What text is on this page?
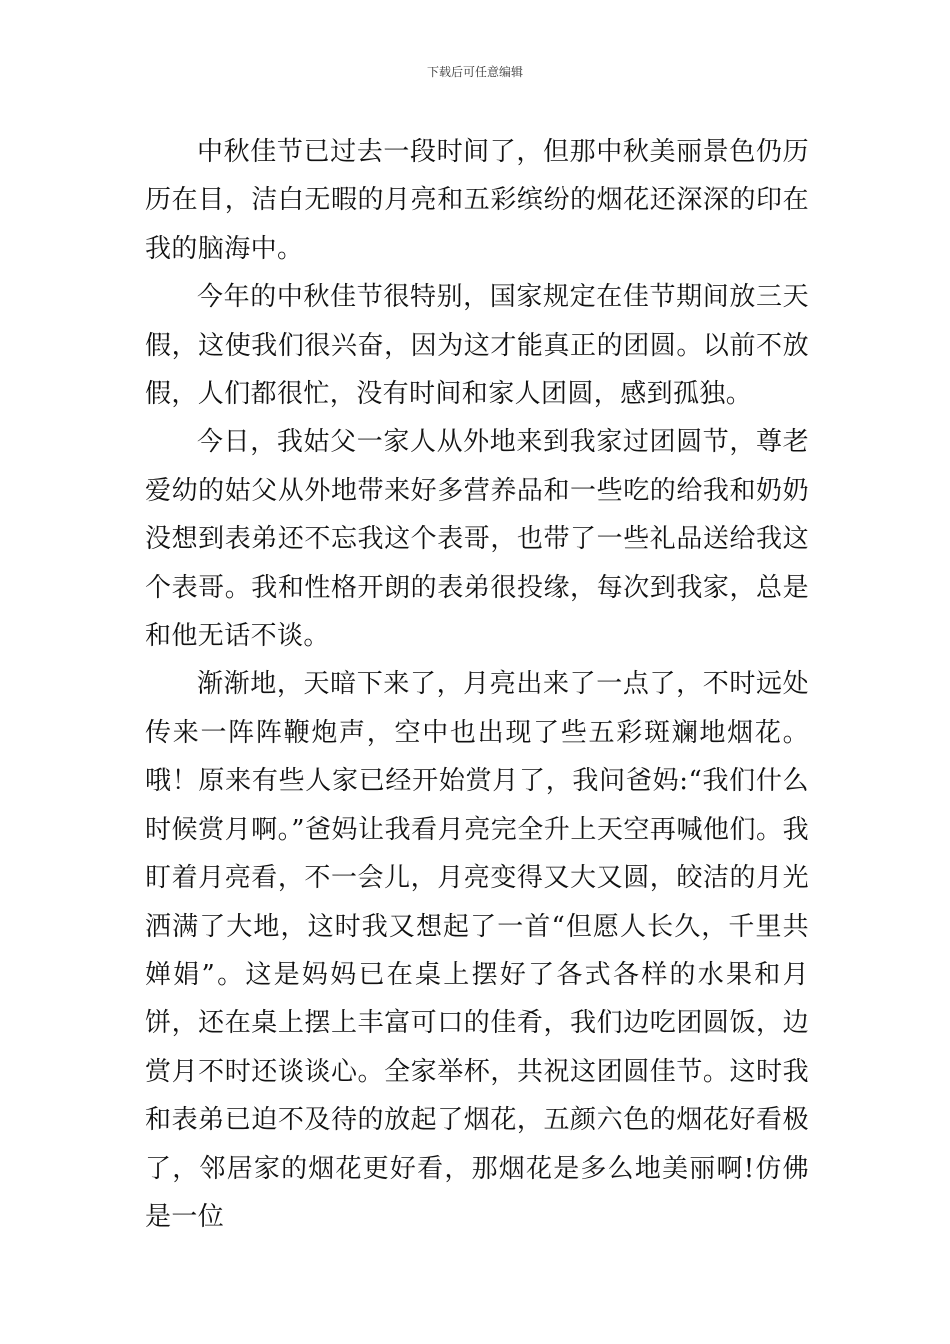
下载后可任意编辑

中秋佳节已过去一段时间了，但那中秋美丽景色仍历历在目，洁白无暇的月亮和五彩缤纷的烟花还深深的印在我的脑海中。

今年的中秋佳节很特别，国家规定在佳节期间放三天假，这使我们很兴奋，因为这才能真正的团圆。以前不放假，人们都很忙，没有时间和家人团圆，感到孤独。

今日，我姑父一家人从外地来到我家过团圆节，尊老爱幼的姑父从外地带来好多营养品和一些吃的给我和奶奶没想到表弟还不忘我这个表哥，也带了一些礼品送给我这个表哥。我和性格开朗的表弟很投缘，每次到我家，总是和他无话不谈。

渐渐地，天暗下来了，月亮出来了一点了，不时远处传来一阵阵鞭炮声，空中也出现了些五彩斑斓地烟花。哦！原来有些人家已经开始赏月了，我问爸妈:“我们什么时候赏月啊。”爸妈让我看月亮完全升上天空再喊他们。我盯着月亮看，不一会儿，月亮变得又大又圆，皎洁的月光洒满了大地，这时我又想起了一首“但愿人长久，千里共婵娟”。这是妈妈已在桌上摆好了各式各样的水果和月饼，还在桌上摆上丰富可口的佳肴，我们边吃团圆饭，边赏月不时还谈谈心。全家举杯，共祝这团圆佳节。这时我和表弟已迫不及待的放起了烟花，五颜六色的烟花好看极了，邻居家的烟花更好看，那烟花是多么地美丽啊!仿佛是一位
